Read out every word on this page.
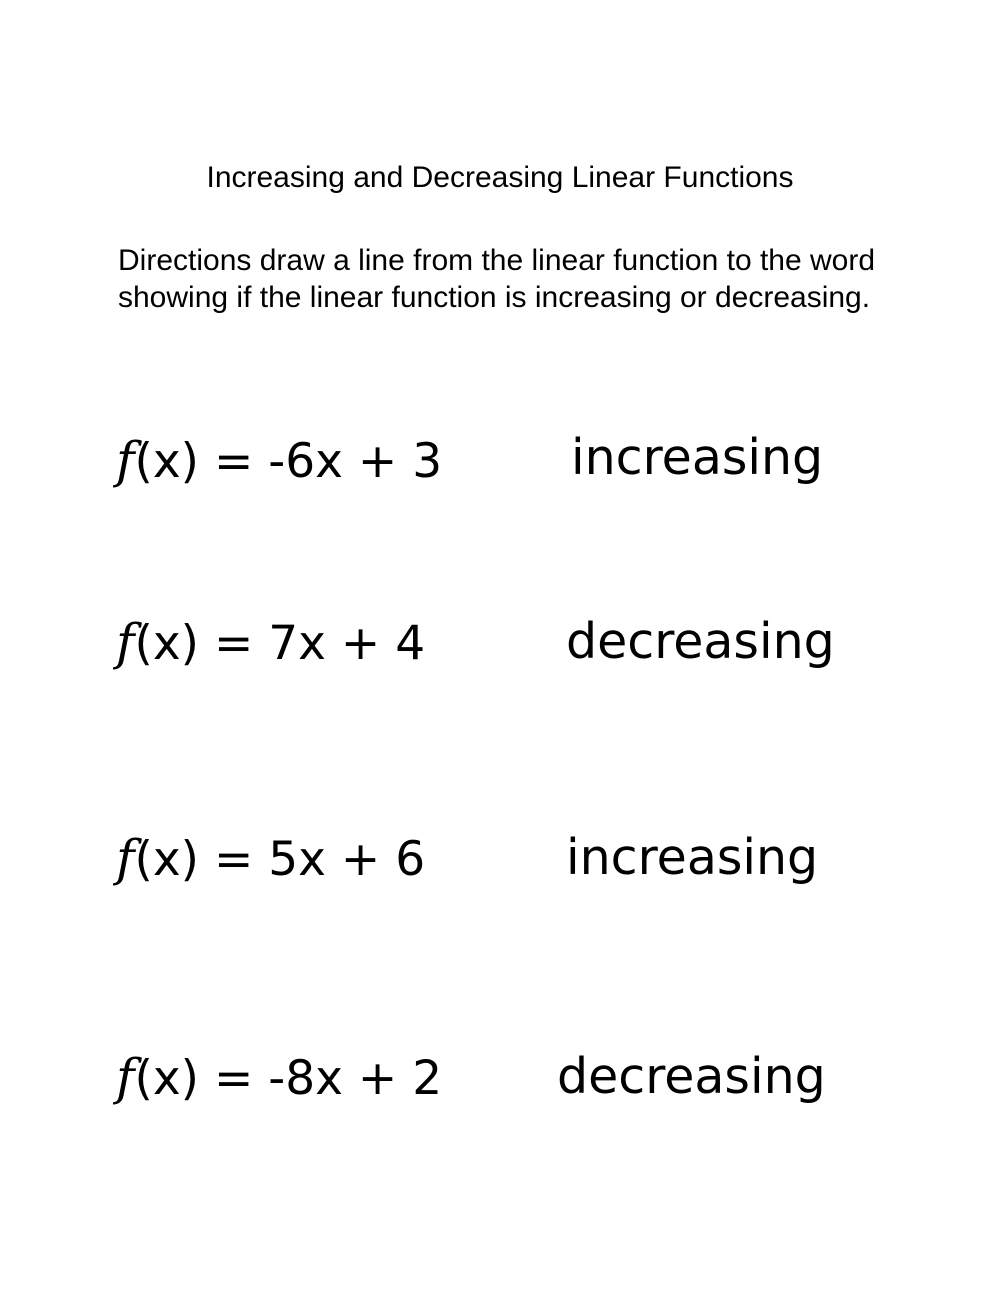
Increasing and Decreasing Linear Functions
Directions draw a line from the linear function to the word showing if the linear function is increasing or decreasing.
f(x) = -6x + 3
f(x) = 7x + 4
f(x) = 5x + 6
f(x) = -8x + 2
increasing
decreasing
increasing
decreasing
